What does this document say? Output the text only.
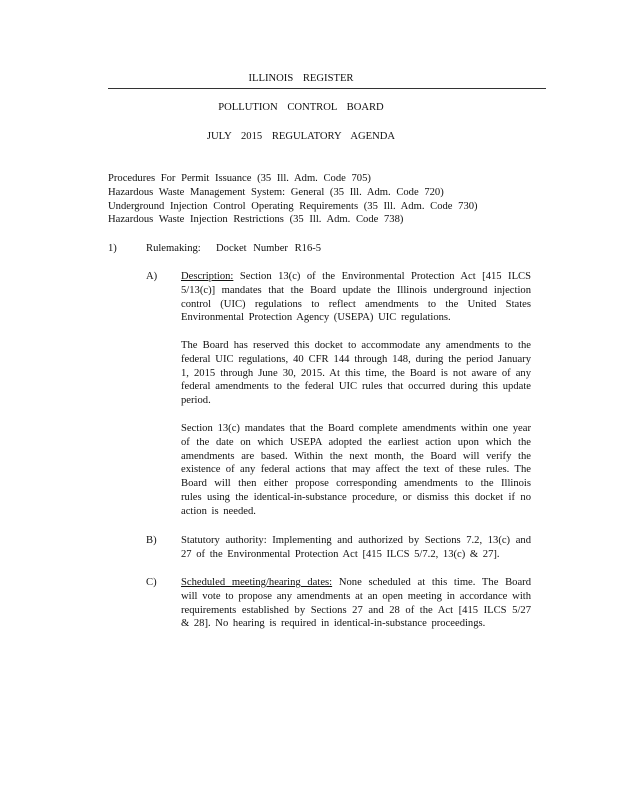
ILLINOIS REGISTER
POLLUTION CONTROL BOARD
JULY 2015 REGULATORY AGENDA
Procedures For Permit Issuance (35 Ill. Adm. Code 705)
Hazardous Waste Management System: General (35 Ill. Adm. Code 720)
Underground Injection Control Operating Requirements (35 Ill. Adm. Code 730)
Hazardous Waste Injection Restrictions (35 Ill. Adm. Code 738)
1)	Rulemaking: Docket Number R16-5
A) Description: Section 13(c) of the Environmental Protection Act [415 ILCS 5/13(c)] mandates that the Board update the Illinois underground injection control (UIC) regulations to reflect amendments to the United States Environmental Protection Agency (USEPA) UIC regulations.
The Board has reserved this docket to accommodate any amendments to the federal UIC regulations, 40 CFR 144 through 148, during the period January 1, 2015 through June 30, 2015. At this time, the Board is not aware of any federal amendments to the federal UIC rules that occurred during this update period.
Section 13(c) mandates that the Board complete amendments within one year of the date on which USEPA adopted the earliest action upon which the amendments are based. Within the next month, the Board will verify the existence of any federal actions that may affect the text of these rules. The Board will then either propose corresponding amendments to the Illinois rules using the identical-in-substance procedure, or dismiss this docket if no action is needed.
B) Statutory authority: Implementing and authorized by Sections 7.2, 13(c) and 27 of the Environmental Protection Act [415 ILCS 5/7.2, 13(c) & 27].
C) Scheduled meeting/hearing dates: None scheduled at this time. The Board will vote to propose any amendments at an open meeting in accordance with requirements established by Sections 27 and 28 of the Act [415 ILCS 5/27 & 28]. No hearing is required in identical-in-substance proceedings.
